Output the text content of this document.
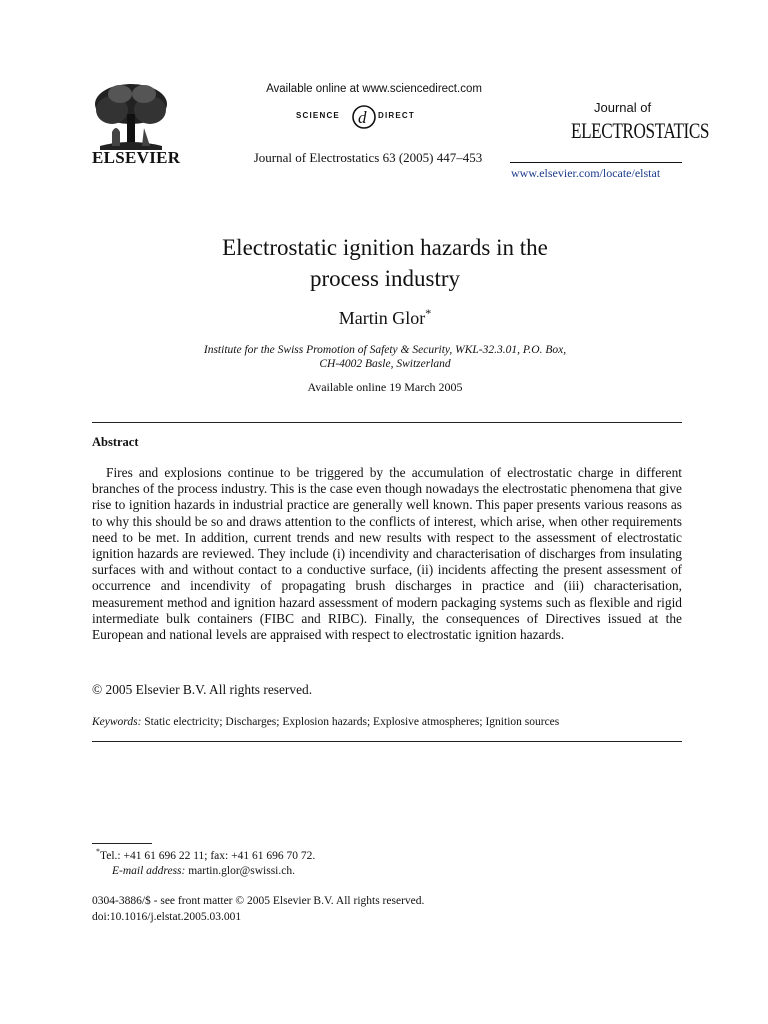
ELSEVIER
Available online at www.sciencedirect.com
SCIENCE d DIRECT
Journal of Electrostatics 63 (2005) 447–453
Journal of
ELECTROSTATICS
www.elsevier.com/locate/elstat
Electrostatic ignition hazards in the
process industry
Martin Glor*
Institute for the Swiss Promotion of Safety & Security, WKL-32.3.01, P.O. Box,
CH-4002 Basle, Switzerland
Available online 19 March 2005
Abstract
Fires and explosions continue to be triggered by the accumulation of electrostatic charge in different branches of the process industry. This is the case even though nowadays the electrostatic phenomena that give rise to ignition hazards in industrial practice are generally well known. This paper presents various reasons as to why this should be so and draws attention to the conflicts of interest, which arise, when other requirements need to be met. In addition, current trends and new results with respect to the assessment of electrostatic ignition hazards are reviewed. They include (i) incendivity and characterisation of discharges from insulating surfaces with and without contact to a conductive surface, (ii) incidents affecting the present assessment of occurrence and incendivity of propagating brush discharges in practice and (iii) characterisation, measurement method and ignition hazard assessment of modern packaging systems such as flexible and rigid intermediate bulk containers (FIBC and RIBC). Finally, the consequences of Directives issued at the European and national levels are appraised with respect to electrostatic ignition hazards.
© 2005 Elsevier B.V. All rights reserved.
Keywords: Static electricity; Discharges; Explosion hazards; Explosive atmospheres; Ignition sources
*Tel.: +41 61 696 22 11; fax: +41 61 696 70 72.
E-mail address: martin.glor@swissi.ch.
0304-3886/$ - see front matter © 2005 Elsevier B.V. All rights reserved.
doi:10.1016/j.elstat.2005.03.001
